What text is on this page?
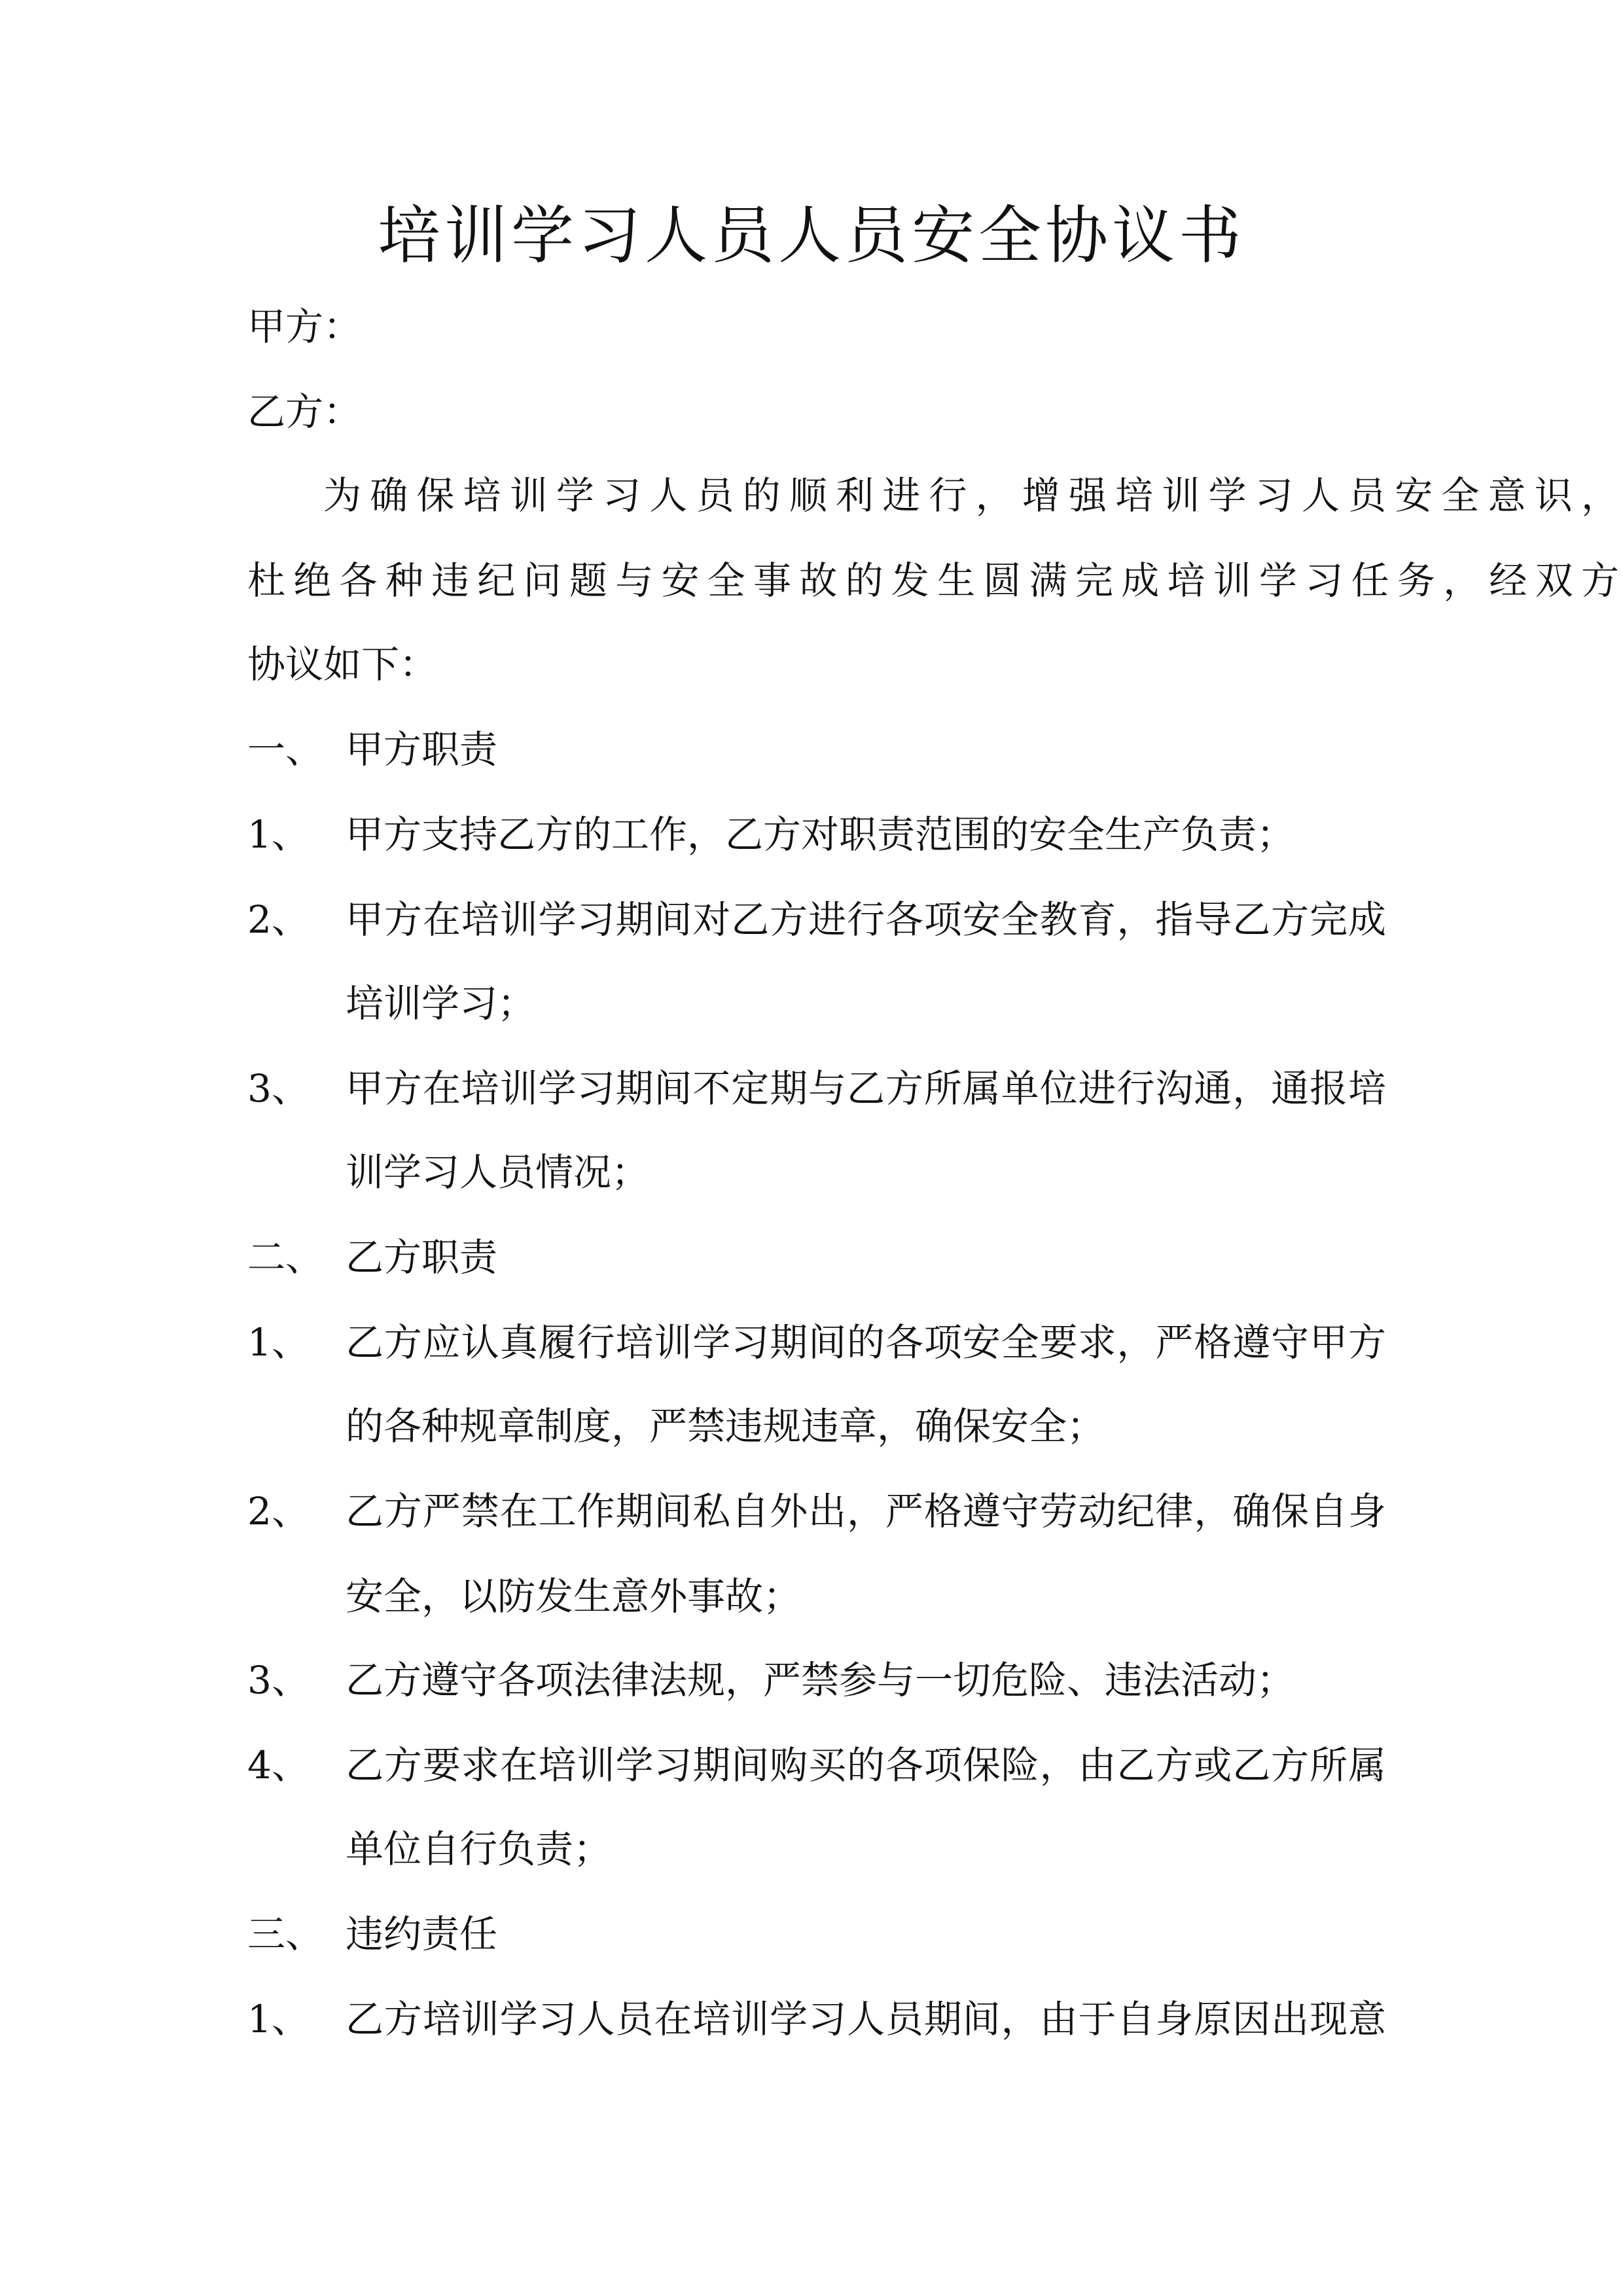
培训学习人员人员安全协议书
甲方：
乙方：
为确保培训学习人员的顺利进行，增强培训学习人员安全意识，
杜绝各种违纪问题与安全事故的发生圆满完成培训学习任务，经双方
协议如下：
一、 甲方职责
1、 甲方支持乙方的工作，乙方对职责范围的安全生产负责；
2、 甲方在培训学习期间对乙方进行各项安全教育，指导乙方完成
培训学习；
3、 甲方在培训学习期间不定期与乙方所属单位进行沟通，通报培
训学习人员情况；
二、 乙方职责
1、 乙方应认真履行培训学习期间的各项安全要求，严格遵守甲方
的各种规章制度，严禁违规违章，确保安全；
2、 乙方严禁在工作期间私自外出，严格遵守劳动纪律，确保自身
安全，以防发生意外事故；
3、 乙方遵守各项法律法规，严禁参与一切危险、违法活动；
4、 乙方要求在培训学习期间购买的各项保险，由乙方或乙方所属
单位自行负责；
三、 违约责任
1、 乙方培训学习人员在培训学习人员期间，由于自身原因出现意
